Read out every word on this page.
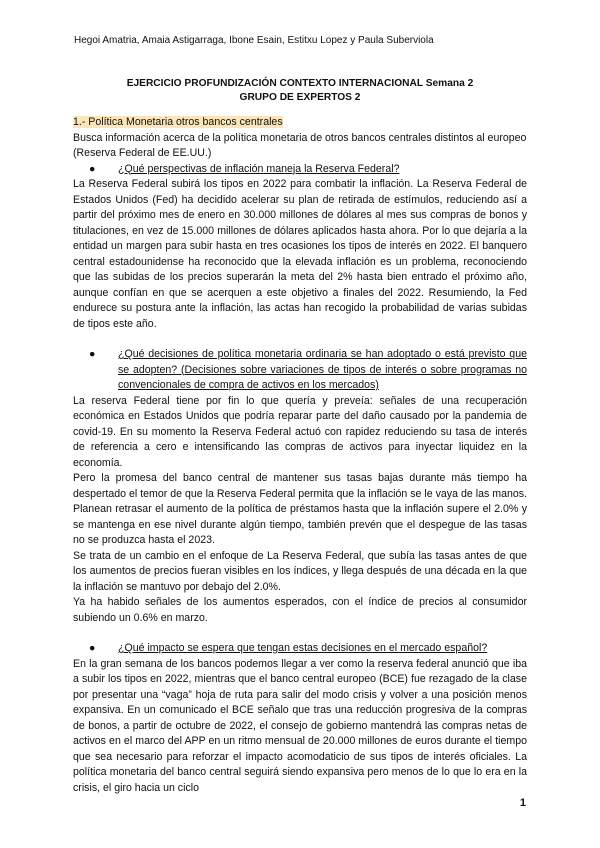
Hegoi Amatria, Amaia Astigarraga, Ibone Esain, Estitxu Lopez y Paula Suberviola
EJERCICIO PROFUNDIZACIÓN CONTEXTO INTERNACIONAL Semana 2
GRUPO DE EXPERTOS 2

1.- Política Monetaria otros bancos centrales

Busca información acerca de la política monetaria de otros bancos centrales distintos al europeo (Reserva Federal de EE.UU.)

● ¿Qué perspectivas de inflación maneja la Reserva Federal?

La Reserva Federal subirá los tipos en 2022 para combatir la inflación. La Reserva Federal de Estados Unidos (Fed) ha decidido acelerar su plan de retirada de estímulos, reduciendo así a partir del próximo mes de enero en 30.000 millones de dólares al mes sus compras de bonos y titulaciones, en vez de 15.000 millones de dólares aplicados hasta ahora. Por lo que dejaría a la entidad un margen para subir hasta en tres ocasiones los tipos de interés en 2022. El banquero central estadounidense ha reconocido que la elevada inflación es un problema, reconociendo que las subidas de los precios superarán la meta del 2% hasta bien entrado el próximo año, aunque confían en que se acerquen a este objetivo a finales del 2022. Resumiendo, la Fed endurece su postura ante la inflación, las actas han recogido la probabilidad de varias subidas de tipos este año.

● ¿Qué decisiones de política monetaria ordinaria se han adoptado o está previsto que se adopten? (Decisiones sobre variaciones de tipos de interés o sobre programas no convencionales de compra de activos en los mercados)

La reserva Federal tiene por fin lo que quería y preveía: señales de una recuperación económica en Estados Unidos que podría reparar parte del daño causado por la pandemia de covid-19. En su momento la Reserva Federal actuó con rapidez reduciendo su tasa de interés de referencia a cero e intensificando las compras de activos para inyectar liquidez en la economía.

Pero la promesa del banco central de mantener sus tasas bajas durante más tiempo ha despertado el temor de que la Reserva Federal permita que la inflación se le vaya de las manos. Planean retrasar el aumento de la política de préstamos hasta que la inflación supere el 2.0% y se mantenga en ese nivel durante algún tiempo, también prevén que el despegue de las tasas no se produzca hasta el 2023.

Se trata de un cambio en el enfoque de La Reserva Federal, que subía las tasas antes de que los aumentos de precios fueran visibles en los índices, y llega después de una década en la que la inflación se mantuvo por debajo del 2.0%.

Ya ha habido señales de los aumentos esperados, con el índice de precios al consumidor subiendo un 0.6% en marzo.

● ¿Qué impacto se espera que tengan estas decisiones en el mercado español?

En la gran semana de los bancos podemos llegar a ver como la reserva federal anunció que iba a subir los tipos en 2022, mientras que el banco central europeo (BCE) fue rezagado de la clase por presentar una “vaga” hoja de ruta para salir del modo crisis y volver a una posición menos expansiva. En un comunicado el BCE señalo que tras una reducción progresiva de la compras de bonos, a partir de octubre de 2022, el consejo de gobierno mantendrá las compras netas de activos en el marco del APP en un ritmo mensual de 20.000 millones de euros durante el tiempo que sea necesario para reforzar el impacto acomodaticio de sus tipos de interés oficiales. La política monetaria del banco central seguirá siendo expansiva pero menos de lo que lo era en la crisis, el giro hacia un ciclo

1
